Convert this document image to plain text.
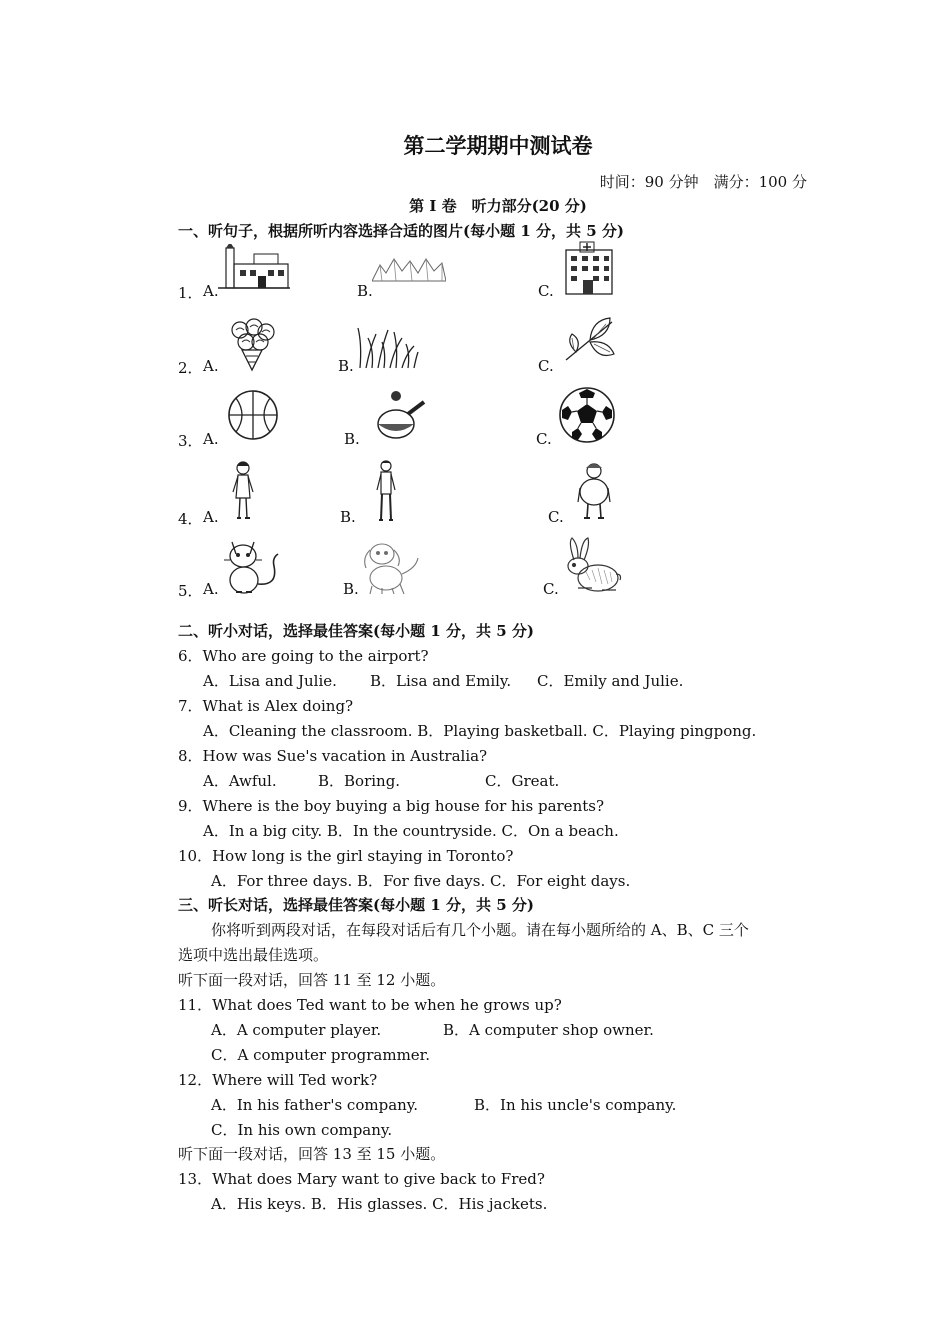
第二学期期中测试卷
时间：90 分钟　满分：100 分
第 Ⅰ 卷　听力部分(20 分)
一、听句子，根据所听内容选择合适的图片(每小题 1 分，共 5 分)
1． A.	B.	C.
2． A.	B.	C.
3． A.	B.	C.
4． A.	B.	C.
5． A.	B.	C.
二、听小对话，选择最佳答案(每小题 1 分，共 5 分)
6．Who are going to the airport?
A．Lisa and Julie. B．Lisa and Emily. C．Emily and Julie.
7．What is Alex doing?
A．Cleaning the classroom. B．Playing basketball. C．Playing pingpong.
8．How was Sue's vacation in Australia?
A．Awful.	B．Boring.	C．Great.
9．Where is the boy buying a big house for his parents?
A．In a big city. B．In the countryside. C．On a beach.
10．How long is the girl staying in Toronto?
A．For three days. B．For five days. C．For eight days.
三、听长对话，选择最佳答案(每小题 1 分，共 5 分)
你将听到两段对话，在每段对话后有几个小题。请在每小题所给的 A、B、C 三个
选项中选出最佳选项。
听下面一段对话，回答 11 至 12 小题。
11．What does Ted want to be when he grows up?
A．A computer player.	B．A computer shop owner.
C．A computer programmer.
12．Where will Ted work?
A．In his father's company.	B．In his uncle's company.
C．In his own company.
听下面一段对话，回答 13 至 15 小题。
13．What does Mary want to give back to Fred?
A．His keys. B．His glasses. C．His jackets.
